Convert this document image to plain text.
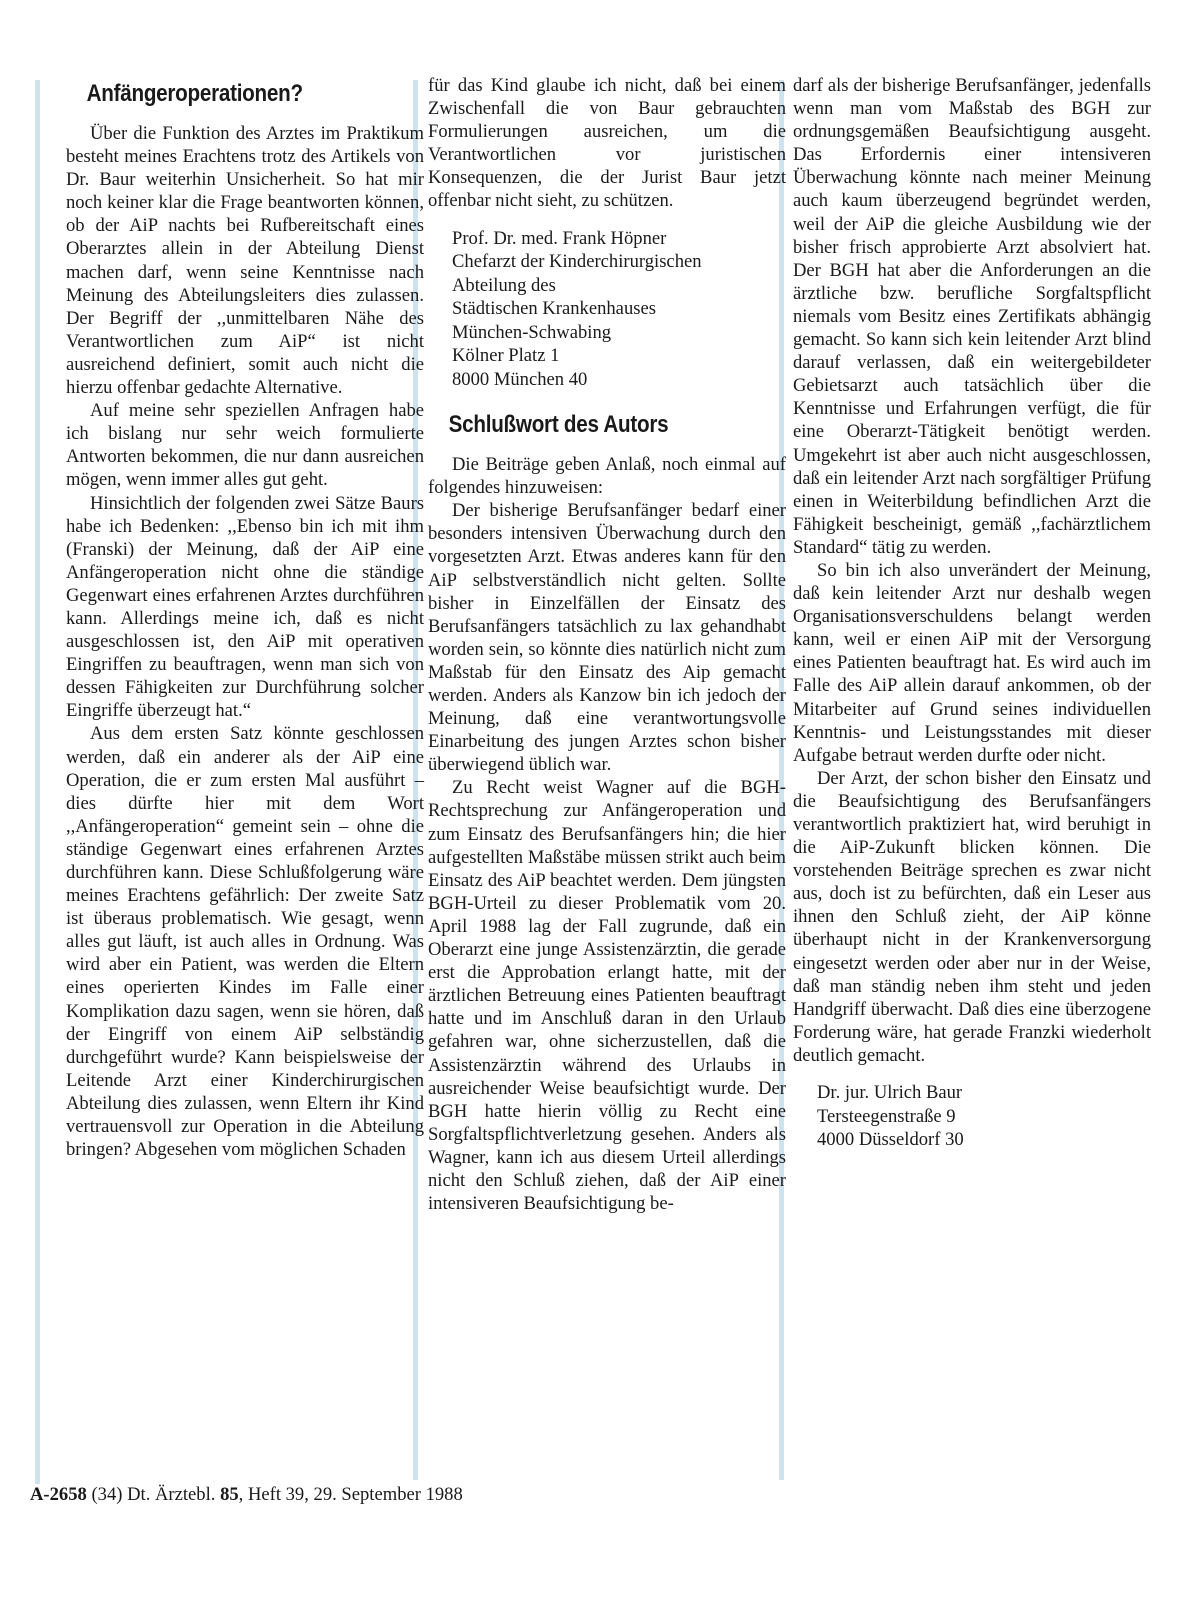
Anfängeroperationen?

Über die Funktion des Arztes im Praktikum besteht meines Erachtens trotz des Artikels von Dr. Baur weiterhin Unsicherheit. So hat mir noch keiner klar die Frage beantworten können, ob der AiP nachts bei Rufbereitschaft eines Oberarztes allein in der Abteilung Dienst machen darf, wenn seine Kenntnisse nach Meinung des Abteilungsleiters dies zulassen. Der Begriff der ,,unmittelbaren Nähe des Verantwortlichen zum AiP“ ist nicht ausreichend definiert, somit auch nicht die hierzu offenbar gedachte Alternative.

Auf meine sehr speziellen Anfragen habe ich bislang nur sehr weich formulierte Antworten bekommen, die nur dann ausreichen mögen, wenn immer alles gut geht.

Hinsichtlich der folgenden zwei Sätze Baurs habe ich Bedenken: ,,Ebenso bin ich mit ihm (Franski) der Meinung, daß der AiP eine Anfängeroperation nicht ohne die ständige Gegenwart eines erfahrenen Arztes durchführen kann. Allerdings meine ich, daß es nicht ausgeschlossen ist, den AiP mit operativen Eingriffen zu beauftragen, wenn man sich von dessen Fähigkeiten zur Durchführung solcher Eingriffe überzeugt hat.“

Aus dem ersten Satz könnte geschlossen werden, daß ein anderer als der AiP eine Operation, die er zum ersten Mal ausführt – dies dürfte hier mit dem Wort ,,Anfängeroperation“ gemeint sein – ohne die ständige Gegenwart eines erfahrenen Arztes durchführen kann. Diese Schlußfolgerung wäre meines Erachtens gefährlich: Der zweite Satz ist überaus problematisch. Wie gesagt, wenn alles gut läuft, ist auch alles in Ordnung. Was wird aber ein Patient, was werden die Eltern eines operierten Kindes im Falle einer Komplikation dazu sagen, wenn sie hören, daß der Eingriff von einem AiP selbständig durchgeführt wurde? Kann beispielsweise der Leitende Arzt einer Kinderchirurgischen Abteilung dies zulassen, wenn Eltern ihr Kind vertrauensvoll zur Operation in die Abteilung bringen? Abgesehen vom möglichen Schaden

für das Kind glaube ich nicht, daß bei einem Zwischenfall die von Baur gebrauchten Formulierungen ausreichen, um die Verantwortlichen vor juristischen Konsequenzen, die der Jurist Baur jetzt offenbar nicht sieht, zu schützen.

Prof. Dr. med. Frank Höpner
Chefarzt der Kinderchirurgischen
Abteilung des
Städtischen Krankenhauses
München-Schwabing
Kölner Platz 1
8000 München 40
Schlußwort des Autors

Die Beiträge geben Anlaß, noch einmal auf folgendes hinzuweisen:

Der bisherige Berufsanfänger bedarf einer besonders intensiven Überwachung durch den vorgesetzten Arzt. Etwas anderes kann für den AiP selbstverständlich nicht gelten. Sollte bisher in Einzelfällen der Einsatz des Berufsanfängers tatsächlich zu lax gehandhabt worden sein, so könnte dies natürlich nicht zum Maßstab für den Einsatz des Aip gemacht werden. Anders als Kanzow bin ich jedoch der Meinung, daß eine verantwortungsvolle Einarbeitung des jungen Arztes schon bisher überwiegend üblich war.

Zu Recht weist Wagner auf die BGH-Rechtsprechung zur Anfängeroperation und zum Einsatz des Berufsanfängers hin; die hier aufgestellten Maßstäbe müssen strikt auch beim Einsatz des AiP beachtet werden. Dem jüngsten BGH-Urteil zu dieser Problematik vom 20. April 1988 lag der Fall zugrunde, daß ein Oberarzt eine junge Assistenzärztin, die gerade erst die Approbation erlangt hatte, mit der ärztlichen Betreuung eines Patienten beauftragt hatte und im Anschluß daran in den Urlaub gefahren war, ohne sicherzustellen, daß die Assistenzärztin während des Urlaubs in ausreichender Weise beaufsichtigt wurde. Der BGH hatte hierin völlig zu Recht eine Sorgfaltspflichtverletzung gesehen. Anders als Wagner, kann ich aus diesem Urteil allerdings nicht den Schluß ziehen, daß der AiP einer intensiveren Beaufsichtigung be-

darf als der bisherige Berufsanfänger, jedenfalls wenn man vom Maßstab des BGH zur ordnungsgemäßen Beaufsichtigung ausgeht. Das Erfordernis einer intensiveren Überwachung könnte nach meiner Meinung auch kaum überzeugend begründet werden, weil der AiP die gleiche Ausbildung wie der bisher frisch approbierte Arzt absolviert hat. Der BGH hat aber die Anforderungen an die ärztliche bzw. berufliche Sorgfaltspflicht niemals vom Besitz eines Zertifikats abhängig gemacht. So kann sich kein leitender Arzt blind darauf verlassen, daß ein weitergebildeter Gebietsarzt auch tatsächlich über die Kenntnisse und Erfahrungen verfügt, die für eine Oberarzt-Tätigkeit benötigt werden. Umgekehrt ist aber auch nicht ausgeschlossen, daß ein leitender Arzt nach sorgfältiger Prüfung einen in Weiterbildung befindlichen Arzt die Fähigkeit bescheinigt, gemäß ,,fachärztlichem Standard“ tätig zu werden.

So bin ich also unverändert der Meinung, daß kein leitender Arzt nur deshalb wegen Organisationsverschuldens belangt werden kann, weil er einen AiP mit der Versorgung eines Patienten beauftragt hat. Es wird auch im Falle des AiP allein darauf ankommen, ob der Mitarbeiter auf Grund seines individuellen Kenntnis- und Leistungsstandes mit dieser Aufgabe betraut werden durfte oder nicht.

Der Arzt, der schon bisher den Einsatz und die Beaufsichtigung des Berufsanfängers verantwortlich praktiziert hat, wird beruhigt in die AiP-Zukunft blicken können. Die vorstehenden Beiträge sprechen es zwar nicht aus, doch ist zu befürchten, daß ein Leser aus ihnen den Schluß zieht, der AiP könne überhaupt nicht in der Krankenversorgung eingesetzt werden oder aber nur in der Weise, daß man ständig neben ihm steht und jeden Handgriff überwacht. Daß dies eine überzogene Forderung wäre, hat gerade Franzki wiederholt deutlich gemacht.

Dr. jur. Ulrich Baur
Tersteegenstraße 9
4000 Düsseldorf 30
A-2658 (34) Dt. Ärztebl. 85, Heft 39, 29. September 1988
